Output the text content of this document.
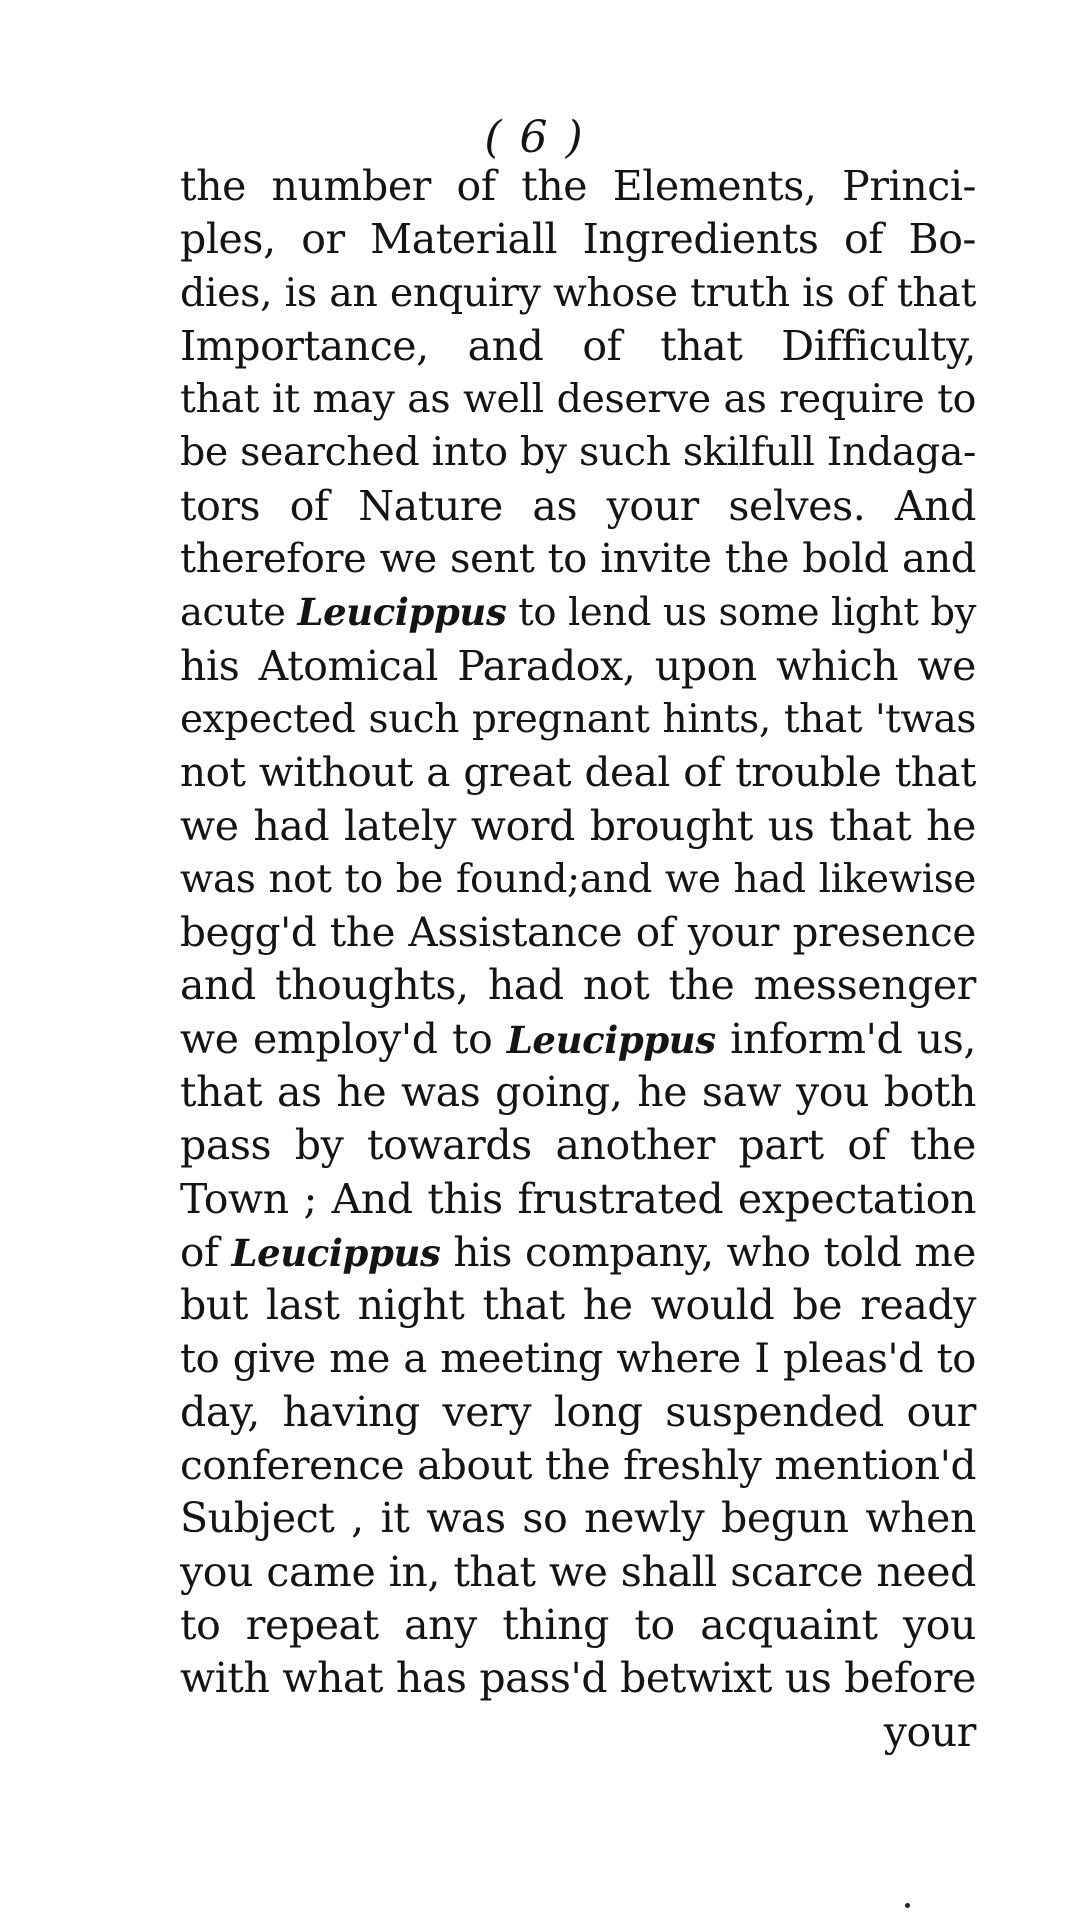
( 6 )
the number of the Elements, Princi-
ples, or Materiall Ingredients of Bo-
dies, is an enquiry whose truth is of that
Importance, and of that Difficulty,
that it may as well deserve as require to
be searched into by such skilfull Indaga-
tors of Nature as your selves. And
therefore we sent to invite the bold and
acute Leucippus to lend us some light by
his Atomical Paradox, upon which we
expected such pregnant hints, that 'twas
not without a great deal of trouble that
we had lately word brought us that he
was not to be found;and we had likewise
begg'd the Assistance of your presence
and thoughts, had not the messenger
we employ'd to Leucippus inform'd us,
that as he was going, he saw you both
pass by towards another part of the
Town ; And this frustrated expectation
of Leucippus his company, who told me
but last night that he would be ready
to give me a meeting where I pleas'd to
day, having very long suspended our
conference about the freshly mention'd
Subject , it was so newly begun when
you came in, that we shall scarce need
to repeat any thing to acquaint you
with what has pass'd betwixt us before
your
